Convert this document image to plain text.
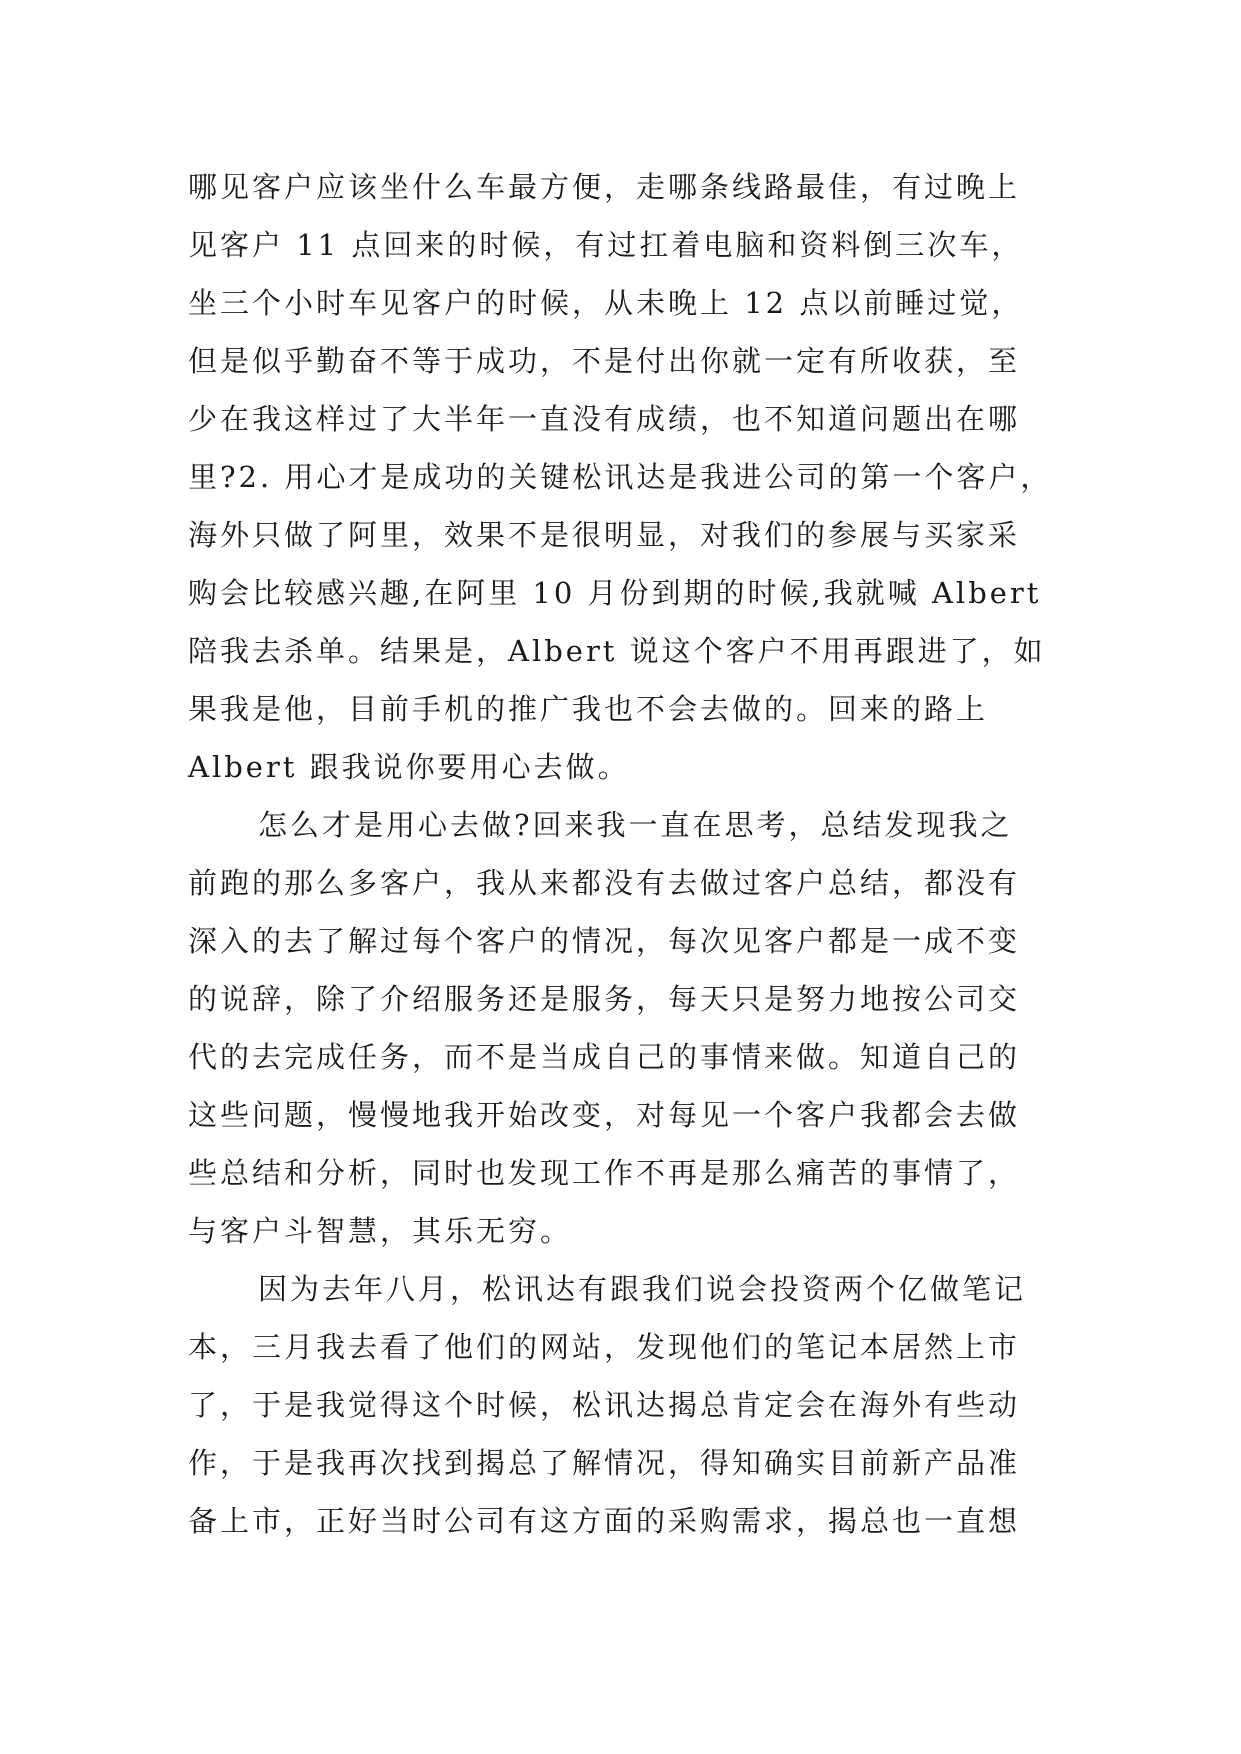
哪见客户应该坐什么车最方便，走哪条线路最佳，有过晚上
见客户 11 点回来的时候，有过扛着电脑和资料倒三次车，
坐三个小时车见客户的时候，从未晚上 12 点以前睡过觉，
但是似乎勤奋不等于成功，不是付出你就一定有所收获，至
少在我这样过了大半年一直没有成绩，也不知道问题出在哪
里?2. 用心才是成功的关键松讯达是我进公司的第一个客户，
海外只做了阿里，效果不是很明显，对我们的参展与买家采
购会比较感兴趣,在阿里 10 月份到期的时候,我就喊 Albert
陪我去杀单。结果是，Albert 说这个客户不用再跟进了，如
果我是他，目前手机的推广我也不会去做的。回来的路上
Albert 跟我说你要用心去做。
怎么才是用心去做?回来我一直在思考，总结发现我之
前跑的那么多客户，我从来都没有去做过客户总结，都没有
深入的去了解过每个客户的情况，每次见客户都是一成不变
的说辞，除了介绍服务还是服务，每天只是努力地按公司交
代的去完成任务，而不是当成自己的事情来做。知道自己的
这些问题，慢慢地我开始改变，对每见一个客户我都会去做
些总结和分析，同时也发现工作不再是那么痛苦的事情了，
与客户斗智慧，其乐无穷。
因为去年八月，松讯达有跟我们说会投资两个亿做笔记
本，三月我去看了他们的网站，发现他们的笔记本居然上市
了，于是我觉得这个时候，松讯达揭总肯定会在海外有些动
作，于是我再次找到揭总了解情况，得知确实目前新产品准
备上市，正好当时公司有这方面的采购需求，揭总也一直想
